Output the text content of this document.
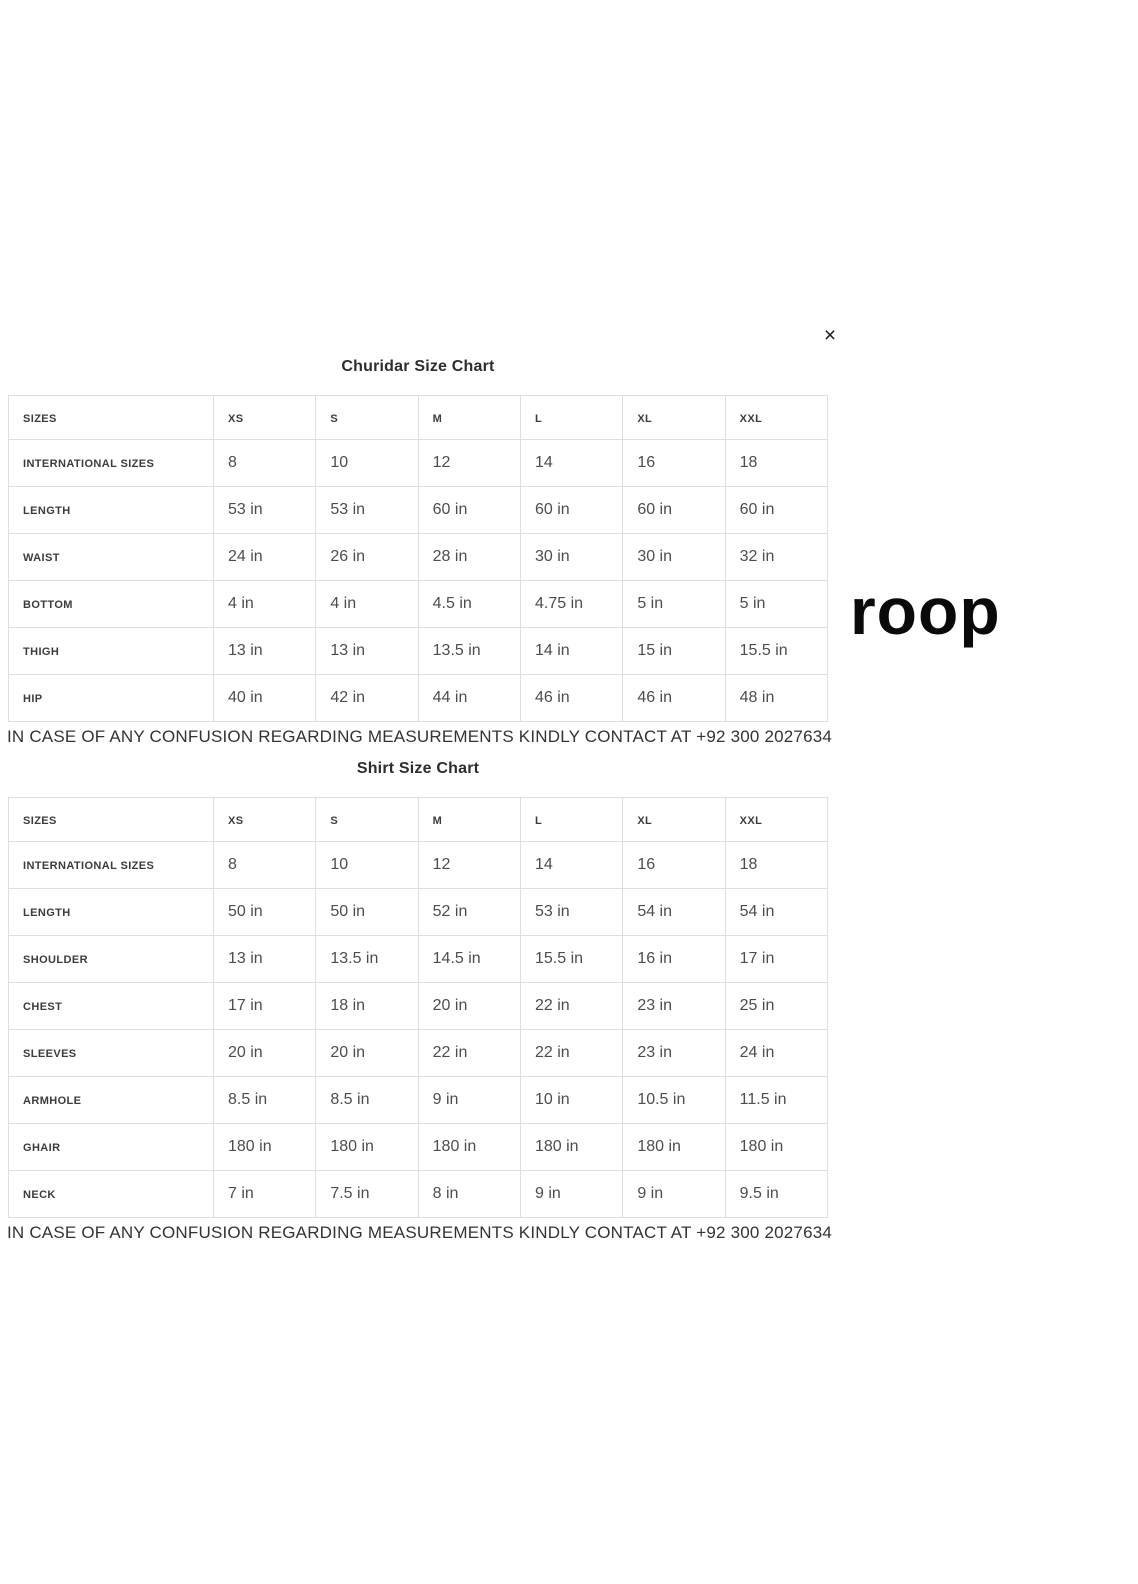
×
Churidar Size Chart
SIZES	XS	S	M	L	XL	XXL
INTERNATIONAL SIZES	8	10	12	14	16	18
LENGTH	53 in	53 in	60 in	60 in	60 in	60 in
WAIST	24 in	26 in	28 in	30 in	30 in	32 in
BOTTOM	4 in	4 in	4.5 in	4.75 in	5 in	5 in
THIGH	13 in	13 in	13.5 in	14 in	15 in	15.5 in
HIP	40 in	42 in	44 in	46 in	46 in	48 in
IN CASE OF ANY CONFUSION REGARDING MEASUREMENTS KINDLY CONTACT AT +92 300 2027634
Shirt Size Chart
SIZES	XS	S	M	L	XL	XXL
INTERNATIONAL SIZES	8	10	12	14	16	18
LENGTH	50 in	50 in	52 in	53 in	54 in	54 in
SHOULDER	13 in	13.5 in	14.5 in	15.5 in	16 in	17 in
CHEST	17 in	18 in	20 in	22 in	23 in	25 in
SLEEVES	20 in	20 in	22 in	22 in	23 in	24 in
ARMHOLE	8.5 in	8.5 in	9 in	10 in	10.5 in	11.5 in
GHAIR	180 in	180 in	180 in	180 in	180 in	180 in
NECK	7 in	7.5 in	8 in	9 in	9 in	9.5 in
IN CASE OF ANY CONFUSION REGARDING MEASUREMENTS KINDLY CONTACT AT +92 300 2027634
roop
